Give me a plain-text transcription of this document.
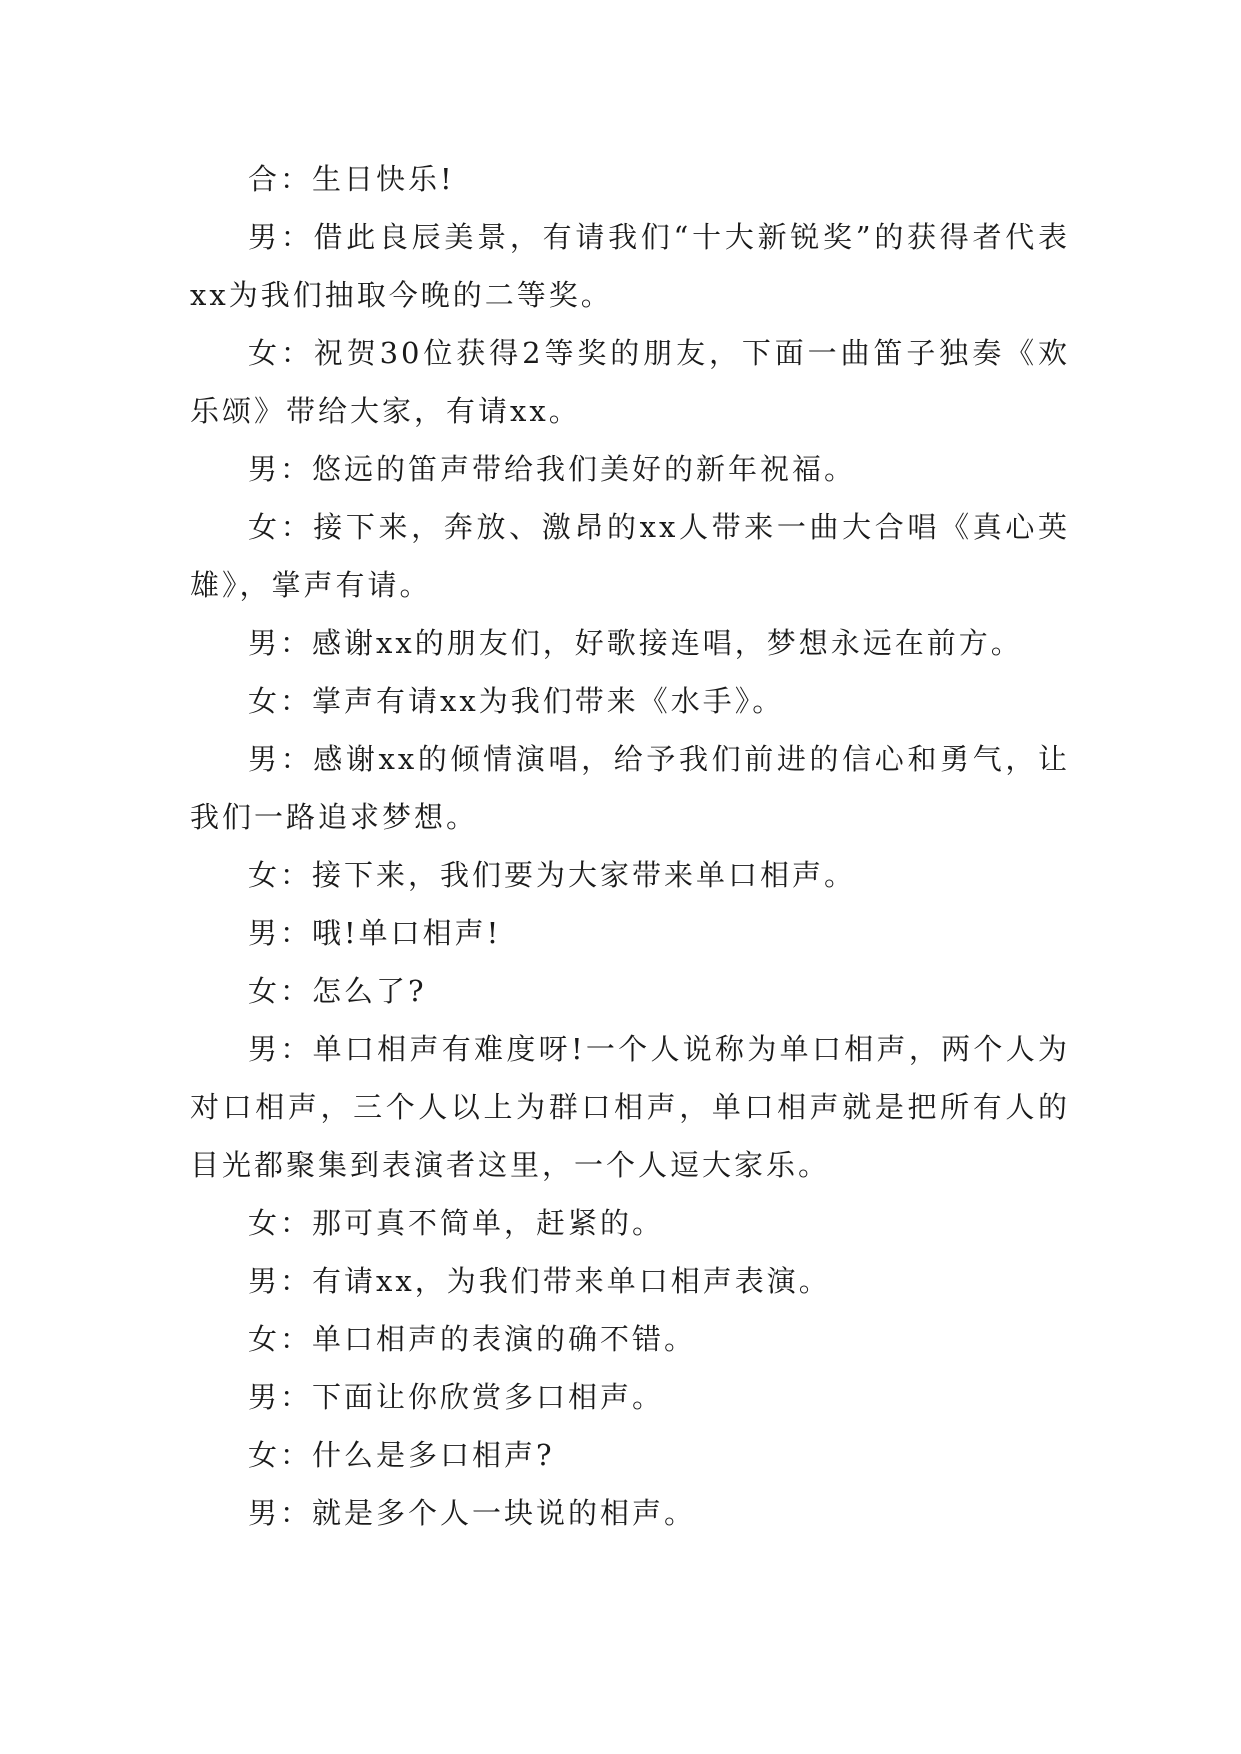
合：生日快乐!

男：借此良辰美景，有请我们“十大新锐奖”的获得者代表xx为我们抽取今晚的二等奖。

女：祝贺30位获得2等奖的朋友，下面一曲笛子独奏《欢乐颂》带给大家，有请xx。

男：悠远的笛声带给我们美好的新年祝福。

女：接下来，奔放、激昂的xx人带来一曲大合唱《真心英雄》，掌声有请。

男：感谢xx的朋友们，好歌接连唱，梦想永远在前方。

女：掌声有请xx为我们带来《水手》。

男：感谢xx的倾情演唱，给予我们前进的信心和勇气，让我们一路追求梦想。

女：接下来，我们要为大家带来单口相声。

男：哦!单口相声!

女：怎么了?

男：单口相声有难度呀!一个人说称为单口相声，两个人为对口相声，三个人以上为群口相声，单口相声就是把所有人的目光都聚集到表演者这里，一个人逗大家乐。

女：那可真不简单，赶紧的。

男：有请xx，为我们带来单口相声表演。

女：单口相声的表演的确不错。

男：下面让你欣赏多口相声。

女：什么是多口相声?

男：就是多个人一块说的相声。
